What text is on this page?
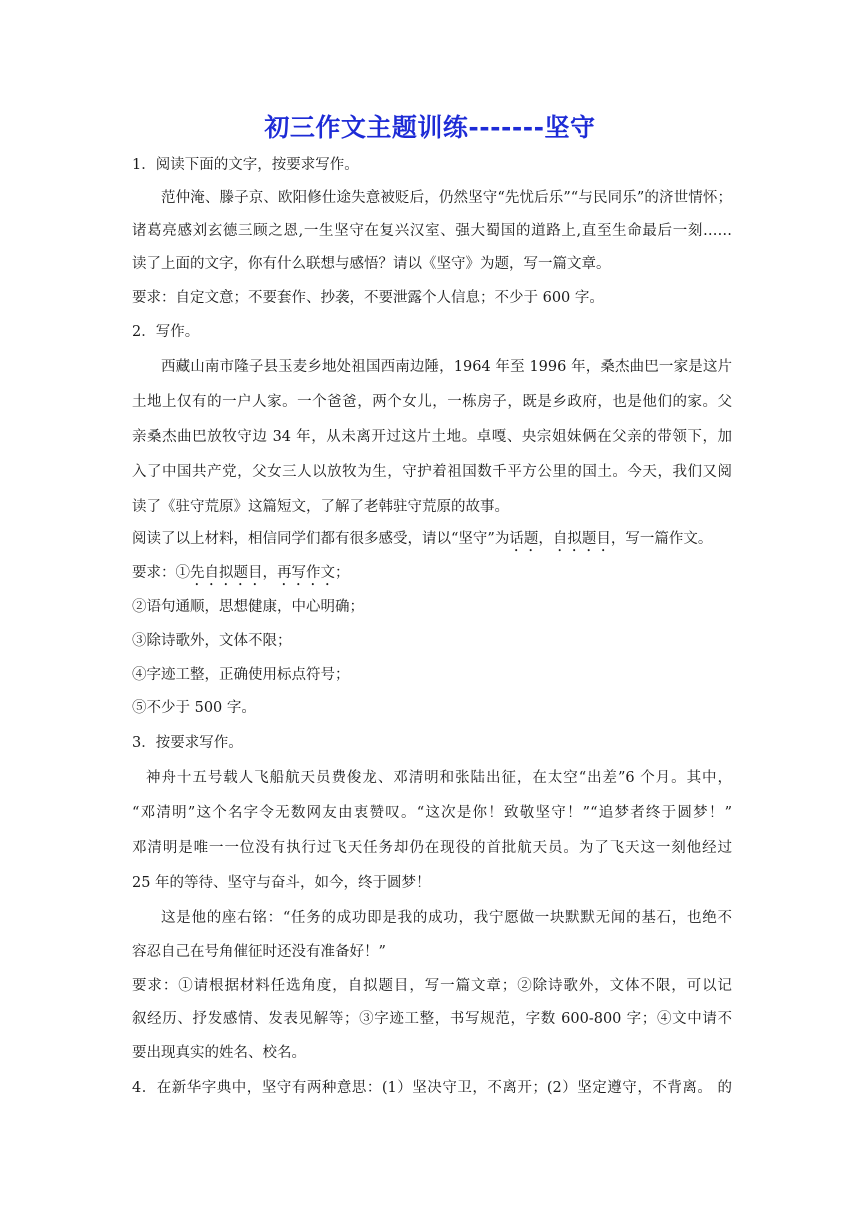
初三作文主题训练-------坚守
1．阅读下面的文字，按要求写作。
范仲淹、滕子京、欧阳修仕途失意被贬后，仍然坚守“先忧后乐”“与民同乐”的济世情怀；
诸葛亮感刘玄德三顾之恩,一生坚守在复兴汉室、强大蜀国的道路上,直至生命最后一刻……
读了上面的文字，你有什么联想与感悟？请以《坚守》为题，写一篇文章。
要求：自定文意；不要套作、抄袭，不要泄露个人信息；不少于 600 字。
2．写作。
西藏山南市隆子县玉麦乡地处祖国西南边陲，1964 年至 1996 年，桑杰曲巴一家是这片
土地上仅有的一户人家。一个爸爸，两个女儿，一栋房子，既是乡政府，也是他们的家。父
亲桑杰曲巴放牧守边 34 年，从未离开过这片土地。卓嘎、央宗姐妹俩在父亲的带领下，加
入了中国共产党，父女三人以放牧为生，守护着祖国数千平方公里的国土。今天，我们又阅
读了《驻守荒原》这篇短文，了解了老韩驻守荒原的故事。
阅读了以上材料，相信同学们都有很多感受，请以“坚守”为话题，自拟题目，写一篇作文。
要求：①先自拟题目，再写作文；
②语句通顺，思想健康，中心明确；
③除诗歌外，文体不限；
④字迹工整，正确使用标点符号；
⑤不少于 500 字。
3．按要求写作。
神舟十五号载人飞船航天员费俊龙、邓清明和张陆出征，在太空“出差”6 个月。其中，
“邓清明”这个名字令无数网友由衷赞叹。“这次是你！致敬坚守！”“追梦者终于圆梦！”
邓清明是唯一一位没有执行过飞天任务却仍在现役的首批航天员。为了飞天这一刻他经过
25 年的等待、坚守与奋斗，如今，终于圆梦！
这是他的座右铭：“任务的成功即是我的成功，我宁愿做一块默默无闻的基石，也绝不
容忍自己在号角催征时还没有准备好！”
要求：①请根据材料任选角度，自拟题目，写一篇文章；②除诗歌外，文体不限，可以记
叙经历、抒发感情、发表见解等；③字迹工整，书写规范，字数 600-800 字；④文中请不
要出现真实的姓名、校名。
4．在新华字典中，坚守有两种意思：(1）坚决守卫，不离开；(2）坚定遵守，不背离。 的
